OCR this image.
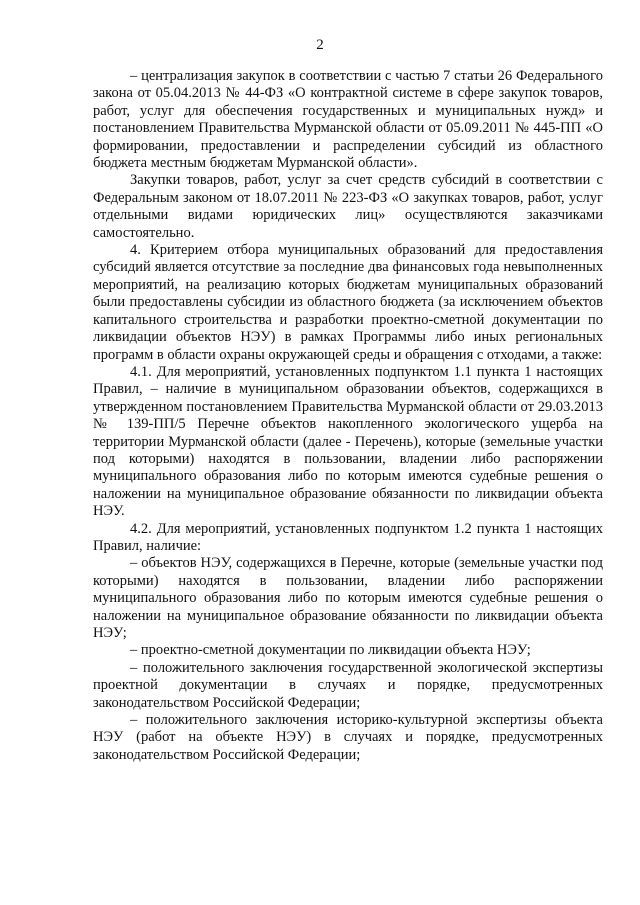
2

– централизация закупок в соответствии с частью 7 статьи 26 Федерального закона от 05.04.2013 № 44-ФЗ «О контрактной системе в сфере закупок товаров, работ, услуг для обеспечения государственных и муниципальных нужд» и постановлением Правительства Мурманской области от 05.09.2011 № 445-ПП «О формировании, предоставлении и распределении субсидий из областного бюджета местным бюджетам Мурманской области».

Закупки товаров, работ, услуг за счет средств субсидий в соответствии с Федеральным законом от 18.07.2011 № 223-ФЗ «О закупках товаров, работ, услуг отдельными видами юридических лиц» осуществляются заказчиками самостоятельно.

4. Критерием отбора муниципальных образований для предоставления субсидий является отсутствие за последние два финансовых года невыполненных мероприятий, на реализацию которых бюджетам муниципальных образований были предоставлены субсидии из областного бюджета (за исключением объектов капитального строительства и разработки проектно-сметной документации по ликвидации объектов НЭУ) в рамках Программы либо иных региональных программ в области охраны окружающей среды и обращения с отходами, а также:

4.1. Для мероприятий, установленных подпунктом 1.1 пункта 1 настоящих Правил, – наличие в муниципальном образовании объектов, содержащихся в утвержденном постановлением Правительства Мурманской области от 29.03.2013 № 139-ПП/5 Перечне объектов накопленного экологического ущерба на территории Мурманской области (далее - Перечень), которые (земельные участки под которыми) находятся в пользовании, владении либо распоряжении муниципального образования либо по которым имеются судебные решения о наложении на муниципальное образование обязанности по ликвидации объекта НЭУ.

4.2. Для мероприятий, установленных подпунктом 1.2 пункта 1 настоящих Правил, наличие:

– объектов НЭУ, содержащихся в Перечне, которые (земельные участки под которыми) находятся в пользовании, владении либо распоряжении муниципального образования либо по которым имеются судебные решения о наложении на муниципальное образование обязанности по ликвидации объекта НЭУ;

– проектно-сметной документации по ликвидации объекта НЭУ;

– положительного заключения государственной экологической экспертизы проектной документации в случаях и порядке, предусмотренных законодательством Российской Федерации;

– положительного заключения историко-культурной экспертизы объекта НЭУ (работ на объекте НЭУ) в случаях и порядке, предусмотренных законодательством Российской Федерации;
